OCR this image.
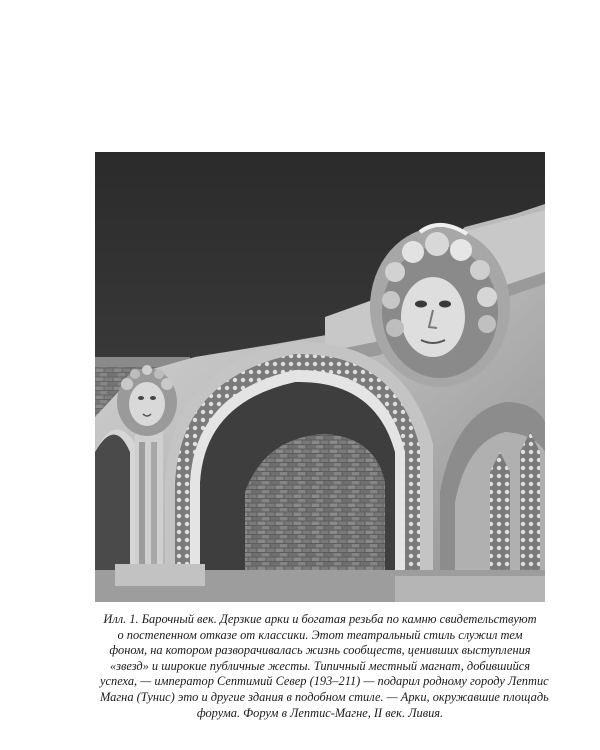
Илл. 1. Барочный век. Дерзкие арки и богатая резьба по камню свидетельствуют
о постепенном отказе от классики. Этот театральный стиль служил тем
фоном, на котором разворачивалась жизнь сообществ, ценивших выступления
«звезд» и широкие публичные жесты. Типичный местный магнат, добившийся
успеха, — император Септимий Север (193–211) — подарил родному городу Лептис
Магна (Тунис) это и другие здания в подобном стиле. — Арки, окружавшие площадь
форума. Форум в Лептис-Магне, II век. Ливия.
